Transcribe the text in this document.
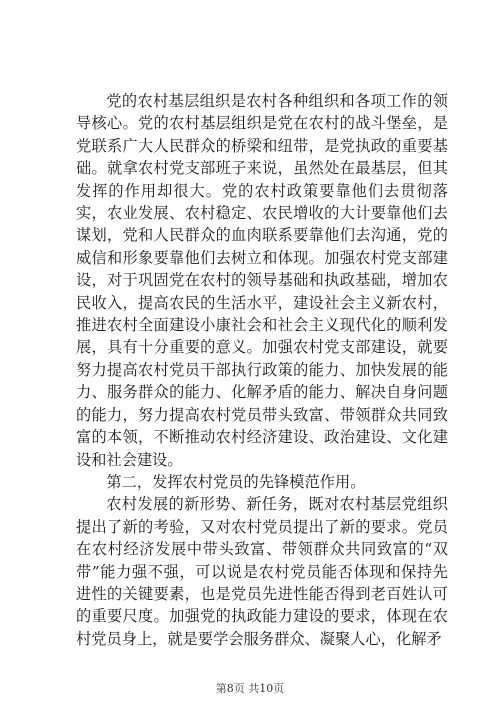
党的农村基层组织是农村各种组织和各项工作的领导核心。党的农村基层组织是党在农村的战斗堡垒，是党联系广大人民群众的桥梁和纽带，是党执政的重要基础。就拿农村党支部班子来说，虽然处在最基层，但其发挥的作用却很大。党的农村政策要靠他们去贯彻落实，农业发展、农村稳定、农民增收的大计要靠他们去谋划，党和人民群众的血肉联系要靠他们去沟通，党的威信和形象要靠他们去树立和体现。加强农村党支部建设，对于巩固党在农村的领导基础和执政基础，增加农民收入，提高农民的生活水平，建设社会主义新农村，推进农村全面建设小康社会和社会主义现代化的顺利发展，具有十分重要的意义。加强农村党支部建设，就要努力提高农村党员干部执行政策的能力、加快发展的能力、服务群众的能力、化解矛盾的能力、解决自身问题的能力，努力提高农村党员带头致富、带领群众共同致富的本领，不断推动农村经济建设、政治建设、文化建设和社会建设。

第二，发挥农村党员的先锋模范作用。

农村发展的新形势、新任务，既对农村基层党组织提出了新的考验，又对农村党员提出了新的要求。党员在农村经济发展中带头致富、带领群众共同致富的“双带”能力强不强，可以说是农村党员能否体现和保持先进性的关键要素，也是党员先进性能否得到老百姓认可的重要尺度。加强党的执政能力建设的要求，体现在农村党员身上，就是要学会服务群众、凝聚人心，化解矛

第8页 共10页
